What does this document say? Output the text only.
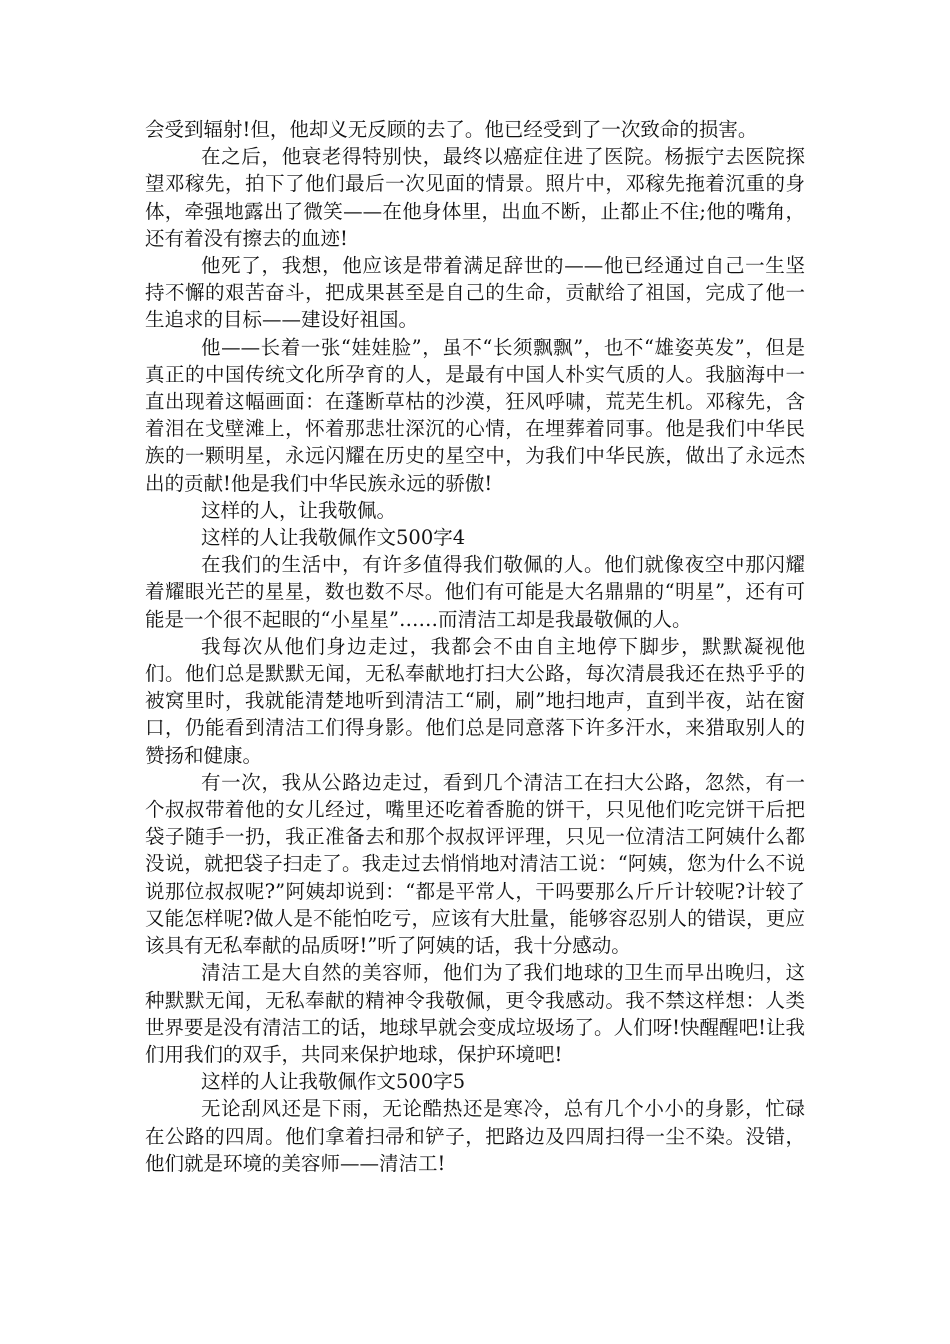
会受到辐射!但，他却义无反顾的去了。他已经受到了一次致命的损害。

在之后，他衰老得特别快，最终以癌症住进了医院。杨振宁去医院探望邓稼先，拍下了他们最后一次见面的情景。照片中，邓稼先拖着沉重的身体，牵强地露出了微笑——在他身体里，出血不断，止都止不住;他的嘴角，还有着没有擦去的血迹!

他死了，我想，他应该是带着满足辞世的——他已经通过自己一生坚持不懈的艰苦奋斗，把成果甚至是自己的生命，贡献给了祖国，完成了他一生追求的目标——建设好祖国。

他——长着一张“娃娃脸”，虽不“长须飘飘”，也不“雄姿英发”，但是真正的中国传统文化所孕育的人，是最有中国人朴实气质的人。我脑海中一直出现着这幅画面：在蓬断草枯的沙漠，狂风呼啸，荒芜生机。邓稼先，含着泪在戈壁滩上，怀着那悲壮深沉的心情，在埋葬着同事。他是我们中华民族的一颗明星，永远闪耀在历史的星空中，为我们中华民族，做出了永远杰出的贡献!他是我们中华民族永远的骄傲!

这样的人，让我敬佩。

这样的人让我敬佩作文500字4

在我们的生活中，有许多值得我们敬佩的人。他们就像夜空中那闪耀着耀眼光芒的星星，数也数不尽。他们有可能是大名鼎鼎的“明星”，还有可能是一个很不起眼的“小星星”……而清洁工却是我最敬佩的人。

我每次从他们身边走过，我都会不由自主地停下脚步，默默凝视他们。他们总是默默无闻，无私奉献地打扫大公路，每次清晨我还在热乎乎的被窝里时，我就能清楚地听到清洁工“刷，刷”地扫地声，直到半夜，站在窗口，仍能看到清洁工们得身影。他们总是同意落下许多汗水，来猎取别人的赞扬和健康。

有一次，我从公路边走过，看到几个清洁工在扫大公路，忽然，有一个叔叔带着他的女儿经过，嘴里还吃着香脆的饼干，只见他们吃完饼干后把袋子随手一扔，我正准备去和那个叔叔评评理，只见一位清洁工阿姨什么都没说，就把袋子扫走了。我走过去悄悄地对清洁工说：“阿姨，您为什么不说说那位叔叔呢?”阿姨却说到：“都是平常人，干吗要那么斤斤计较呢?计较了又能怎样呢?做人是不能怕吃亏，应该有大肚量，能够容忍别人的错误，更应该具有无私奉献的品质呀!”听了阿姨的话，我十分感动。

清洁工是大自然的美容师，他们为了我们地球的卫生而早出晚归，这种默默无闻，无私奉献的精神令我敬佩，更令我感动。我不禁这样想：人类世界要是没有清洁工的话，地球早就会变成垃圾场了。人们呀!快醒醒吧!让我们用我们的双手，共同来保护地球，保护环境吧!

这样的人让我敬佩作文500字5

无论刮风还是下雨，无论酷热还是寒冷，总有几个小小的身影，忙碌在公路的四周。他们拿着扫帚和铲子，把路边及四周扫得一尘不染。没错，他们就是环境的美容师——清洁工!
